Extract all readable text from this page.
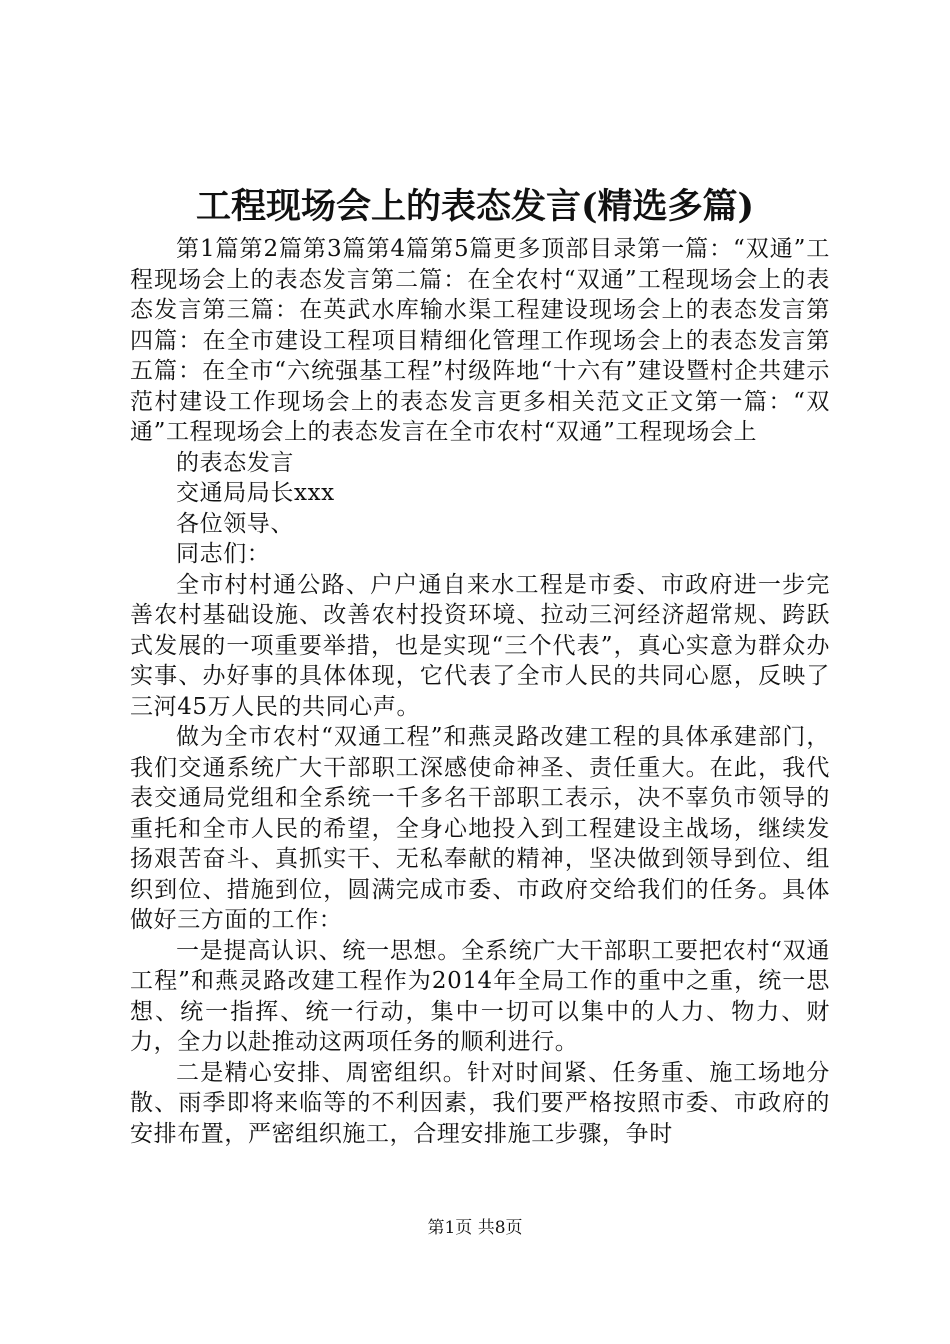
工程现场会上的表态发言(精选多篇)

第1篇第2篇第3篇第4篇第5篇更多顶部目录第一篇：“双通”工程现场会上的表态发言第二篇：在全农村“双通”工程现场会上的表态发言第三篇：在英武水库输水渠工程建设现场会上的表态发言第四篇：在全市建设工程项目精细化管理工作现场会上的表态发言第五篇：在全市“六统强基工程”村级阵地“十六有”建设暨村企共建示范村建设工作现场会上的表态发言更多相关范文正文第一篇：“双通”工程现场会上的表态发言在全市农村“双通”工程现场会上

的表态发言

交通局局长xxx

各位领导、

同志们：

全市村村通公路、户户通自来水工程是市委、市政府进一步完善农村基础设施、改善农村投资环境、拉动三河经济超常规、跨跃式发展的一项重要举措，也是实现“三个代表”，真心实意为群众办实事、办好事的具体体现，它代表了全市人民的共同心愿，反映了三河45万人民的共同心声。

做为全市农村“双通工程”和燕灵路改建工程的具体承建部门，我们交通系统广大干部职工深感使命神圣、责任重大。在此，我代表交通局党组和全系统一千多名干部职工表示，决不辜负市领导的重托和全市人民的希望，全身心地投入到工程建设主战场，继续发扬艰苦奋斗、真抓实干、无私奉献的精神，坚决做到领导到位、组织到位、措施到位，圆满完成市委、市政府交给我们的任务。具体做好三方面的工作：

一是提高认识、统一思想。全系统广大干部职工要把农村“双通工程”和燕灵路改建工程作为2014年全局工作的重中之重，统一思想、统一指挥、统一行动，集中一切可以集中的人力、物力、财力，全力以赴推动这两项任务的顺利进行。

二是精心安排、周密组织。针对时间紧、任务重、施工场地分散、雨季即将来临等的不利因素，我们要严格按照市委、市政府的安排布置，严密组织施工，合理安排施工步骤，争时

第1页 共8页
